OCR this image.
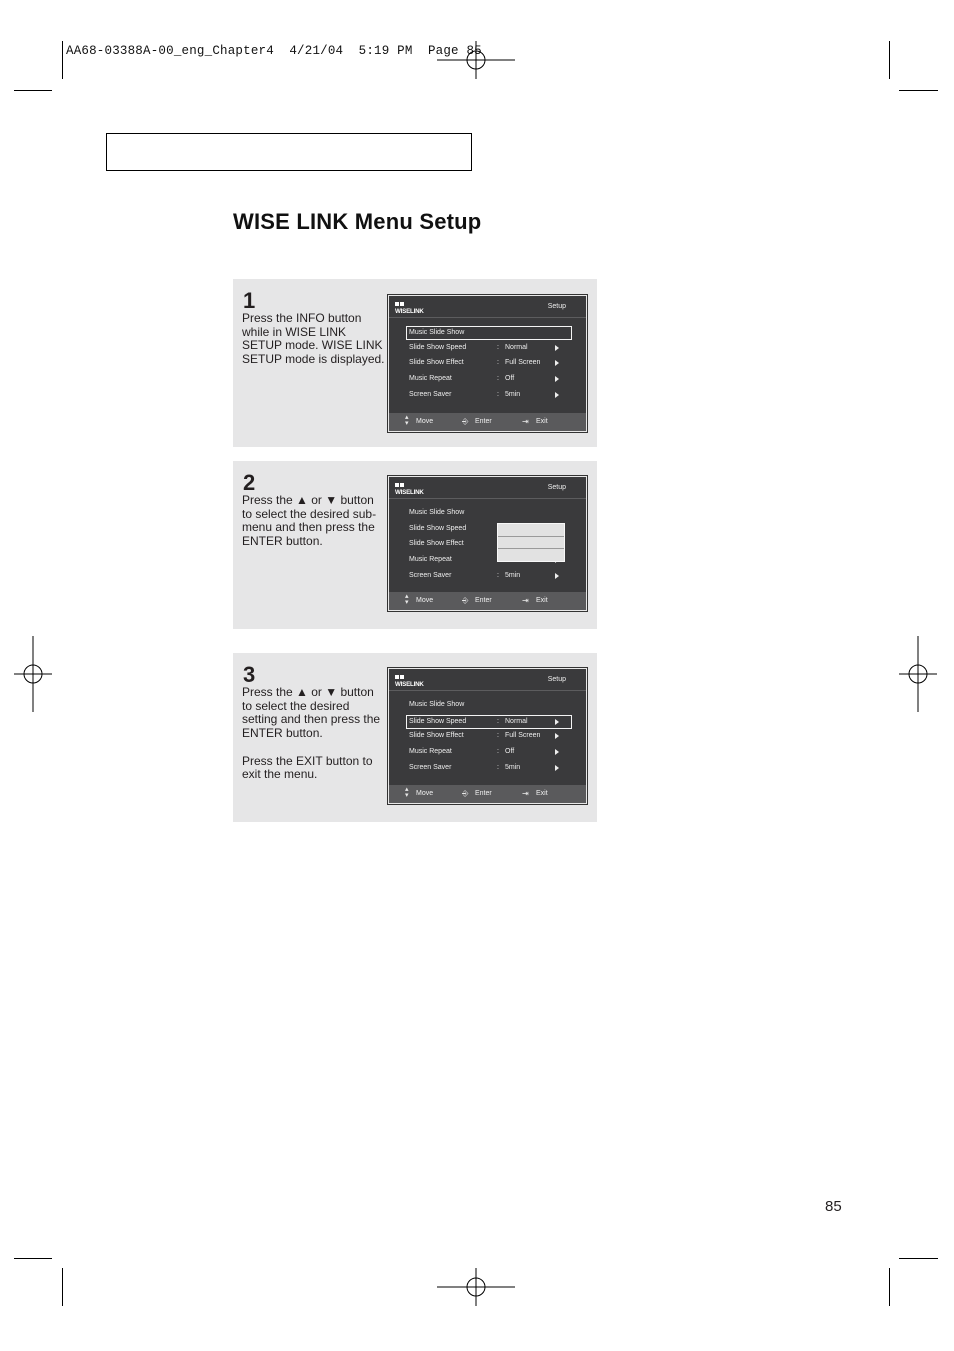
AA68-03388A-00_eng_Chapter4  4/21/04  5:19 PM  Page 85
WISE LINK Menu Setup
1

Press the INFO button while in WISE LINK SETUP mode. WISE LINK SETUP mode is displayed.

WISELINK
Setup
Music Slide Show
Slide Show Speed	: Normal
Slide Show Effect	: Full Screen
Music Repeat	: Off
Screen Saver	: 5min
▴
▾ Move	⎆ Enter	⇥ Exit
2

Press the ▲ or ▼ button to select the desired sub-menu and then press the ENTER button.

WISELINK
Setup
Music Slide Show
Slide Show Speed
Slide Show Effect
Music Repeat
Screen Saver	: 5min
▴
▾ Move	⎆ Enter	⇥ Exit
3

Press the ▲ or ▼ button to select the desired setting and then press the ENTER button.

Press the EXIT button to exit the menu.

WISELINK
Setup
Music Slide Show
Slide Show Speed	: Normal
Slide Show Effect	: Full Screen
Music Repeat	: Off
Screen Saver	: 5min
▴
▾ Move	⎆ Enter	⇥ Exit
85
